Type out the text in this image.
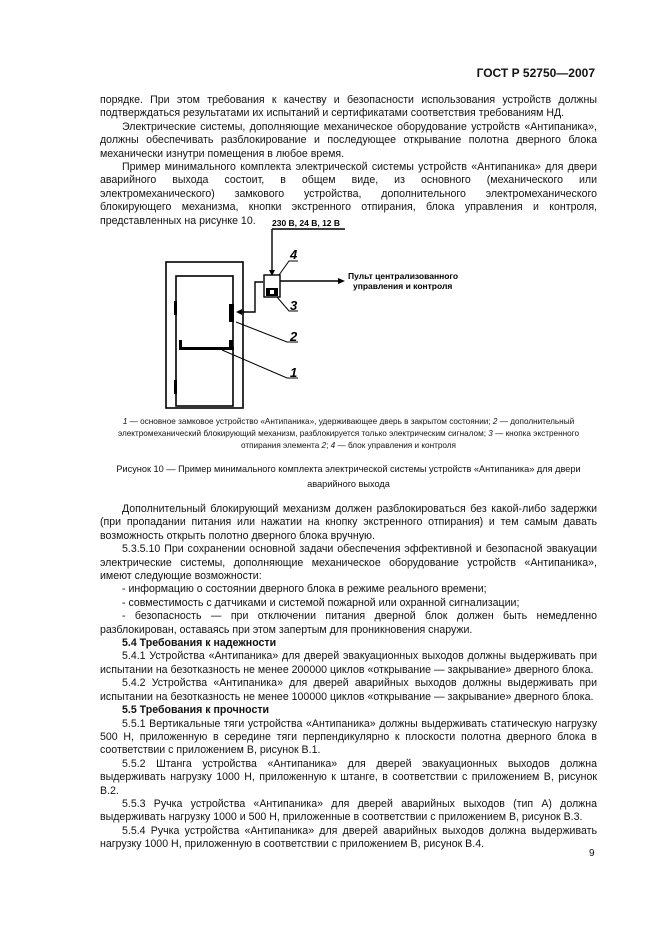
ГОСТ Р 52750—2007

порядке. При этом требования к качеству и безопасности использования устройств должны подтверждаться результатами их испытаний и сертификатами соответствия требованиям НД.

Электрические системы, дополняющие механическое оборудование устройств «Антипаника», должны обеспечивать разблокирование и последующее открывание полотна дверного блока механически изнутри помещения в любое время.

Пример минимального комплекта электрической системы устройств «Антипаника» для двери аварийного выхода состоит, в общем виде, из основного (механического или электромеханического) замкового устройства, дополнительного электромеханического блокирующего механизма, кнопки экстренного отпирания, блока управления и контроля, представленных на рисунке 10.

4
3
2
1
230 В, 24 В, 12 В
Пульт централизованного
управления и контроля
1 — основное замковое устройство «Антипаника», удерживающее дверь в закрытом состоянии; 2 — дополнительный электромеханический блокирующий механизм, разблокируется только электрическим сигналом; 3 — кнопка экстренного отпирания элемента 2; 4 — блок управления и контроля
Рисунок 10 — Пример минимального комплекта электрической системы устройств «Антипаника» для двери аварийного выхода

Дополнительный блокирующий механизм должен разблокироваться без какой-либо задержки (при пропадании питания или нажатии на кнопку экстренного отпирания) и тем самым давать возможность открыть полотно дверного блока вручную.

5.3.5.10 При сохранении основной задачи обеспечения эффективной и безопасной эвакуации электрические системы, дополняющие механическое оборудование устройств «Антипаника», имеют следующие возможности:

- информацию о состоянии дверного блока в режиме реального времени;

- совместимость с датчиками и системой пожарной или охранной сигнализации;

- безопасность — при отключении питания дверной блок должен быть немедленно разблокирован, оставаясь при этом запертым для проникновения снаружи.

5.4 Требования к надежности

5.4.1 Устройства «Антипаника» для дверей эвакуационных выходов должны выдерживать при испытании на безотказность не менее 200000 циклов «открывание — закрывание» дверного блока.

5.4.2 Устройства «Антипаника» для дверей аварийных выходов должны выдерживать при испытании на безотказность не менее 100000 циклов «открывание — закрывание» дверного блока.

5.5 Требования к прочности

5.5.1 Вертикальные тяги устройства «Антипаника» должны выдерживать статическую нагрузку 500 Н, приложенную в середине тяги перпендикулярно к плоскости полотна дверного блока в соответствии с приложением В, рисунок В.1.

5.5.2 Штанга устройства «Антипаника» для дверей эвакуационных выходов должна выдерживать нагрузку 1000 Н, приложенную к штанге, в соответствии с приложением В, рисунок В.2.

5.5.3 Ручка устройства «Антипаника» для дверей аварийных выходов (тип А) должна выдерживать нагрузку 1000 и 500 Н, приложенные в соответствии с приложением В, рисунок В.3.

5.5.4 Ручка устройства «Антипаника» для дверей аварийных выходов должна выдерживать нагрузку 1000 Н, приложенную в соответствии с приложением В, рисунок В.4.

9
